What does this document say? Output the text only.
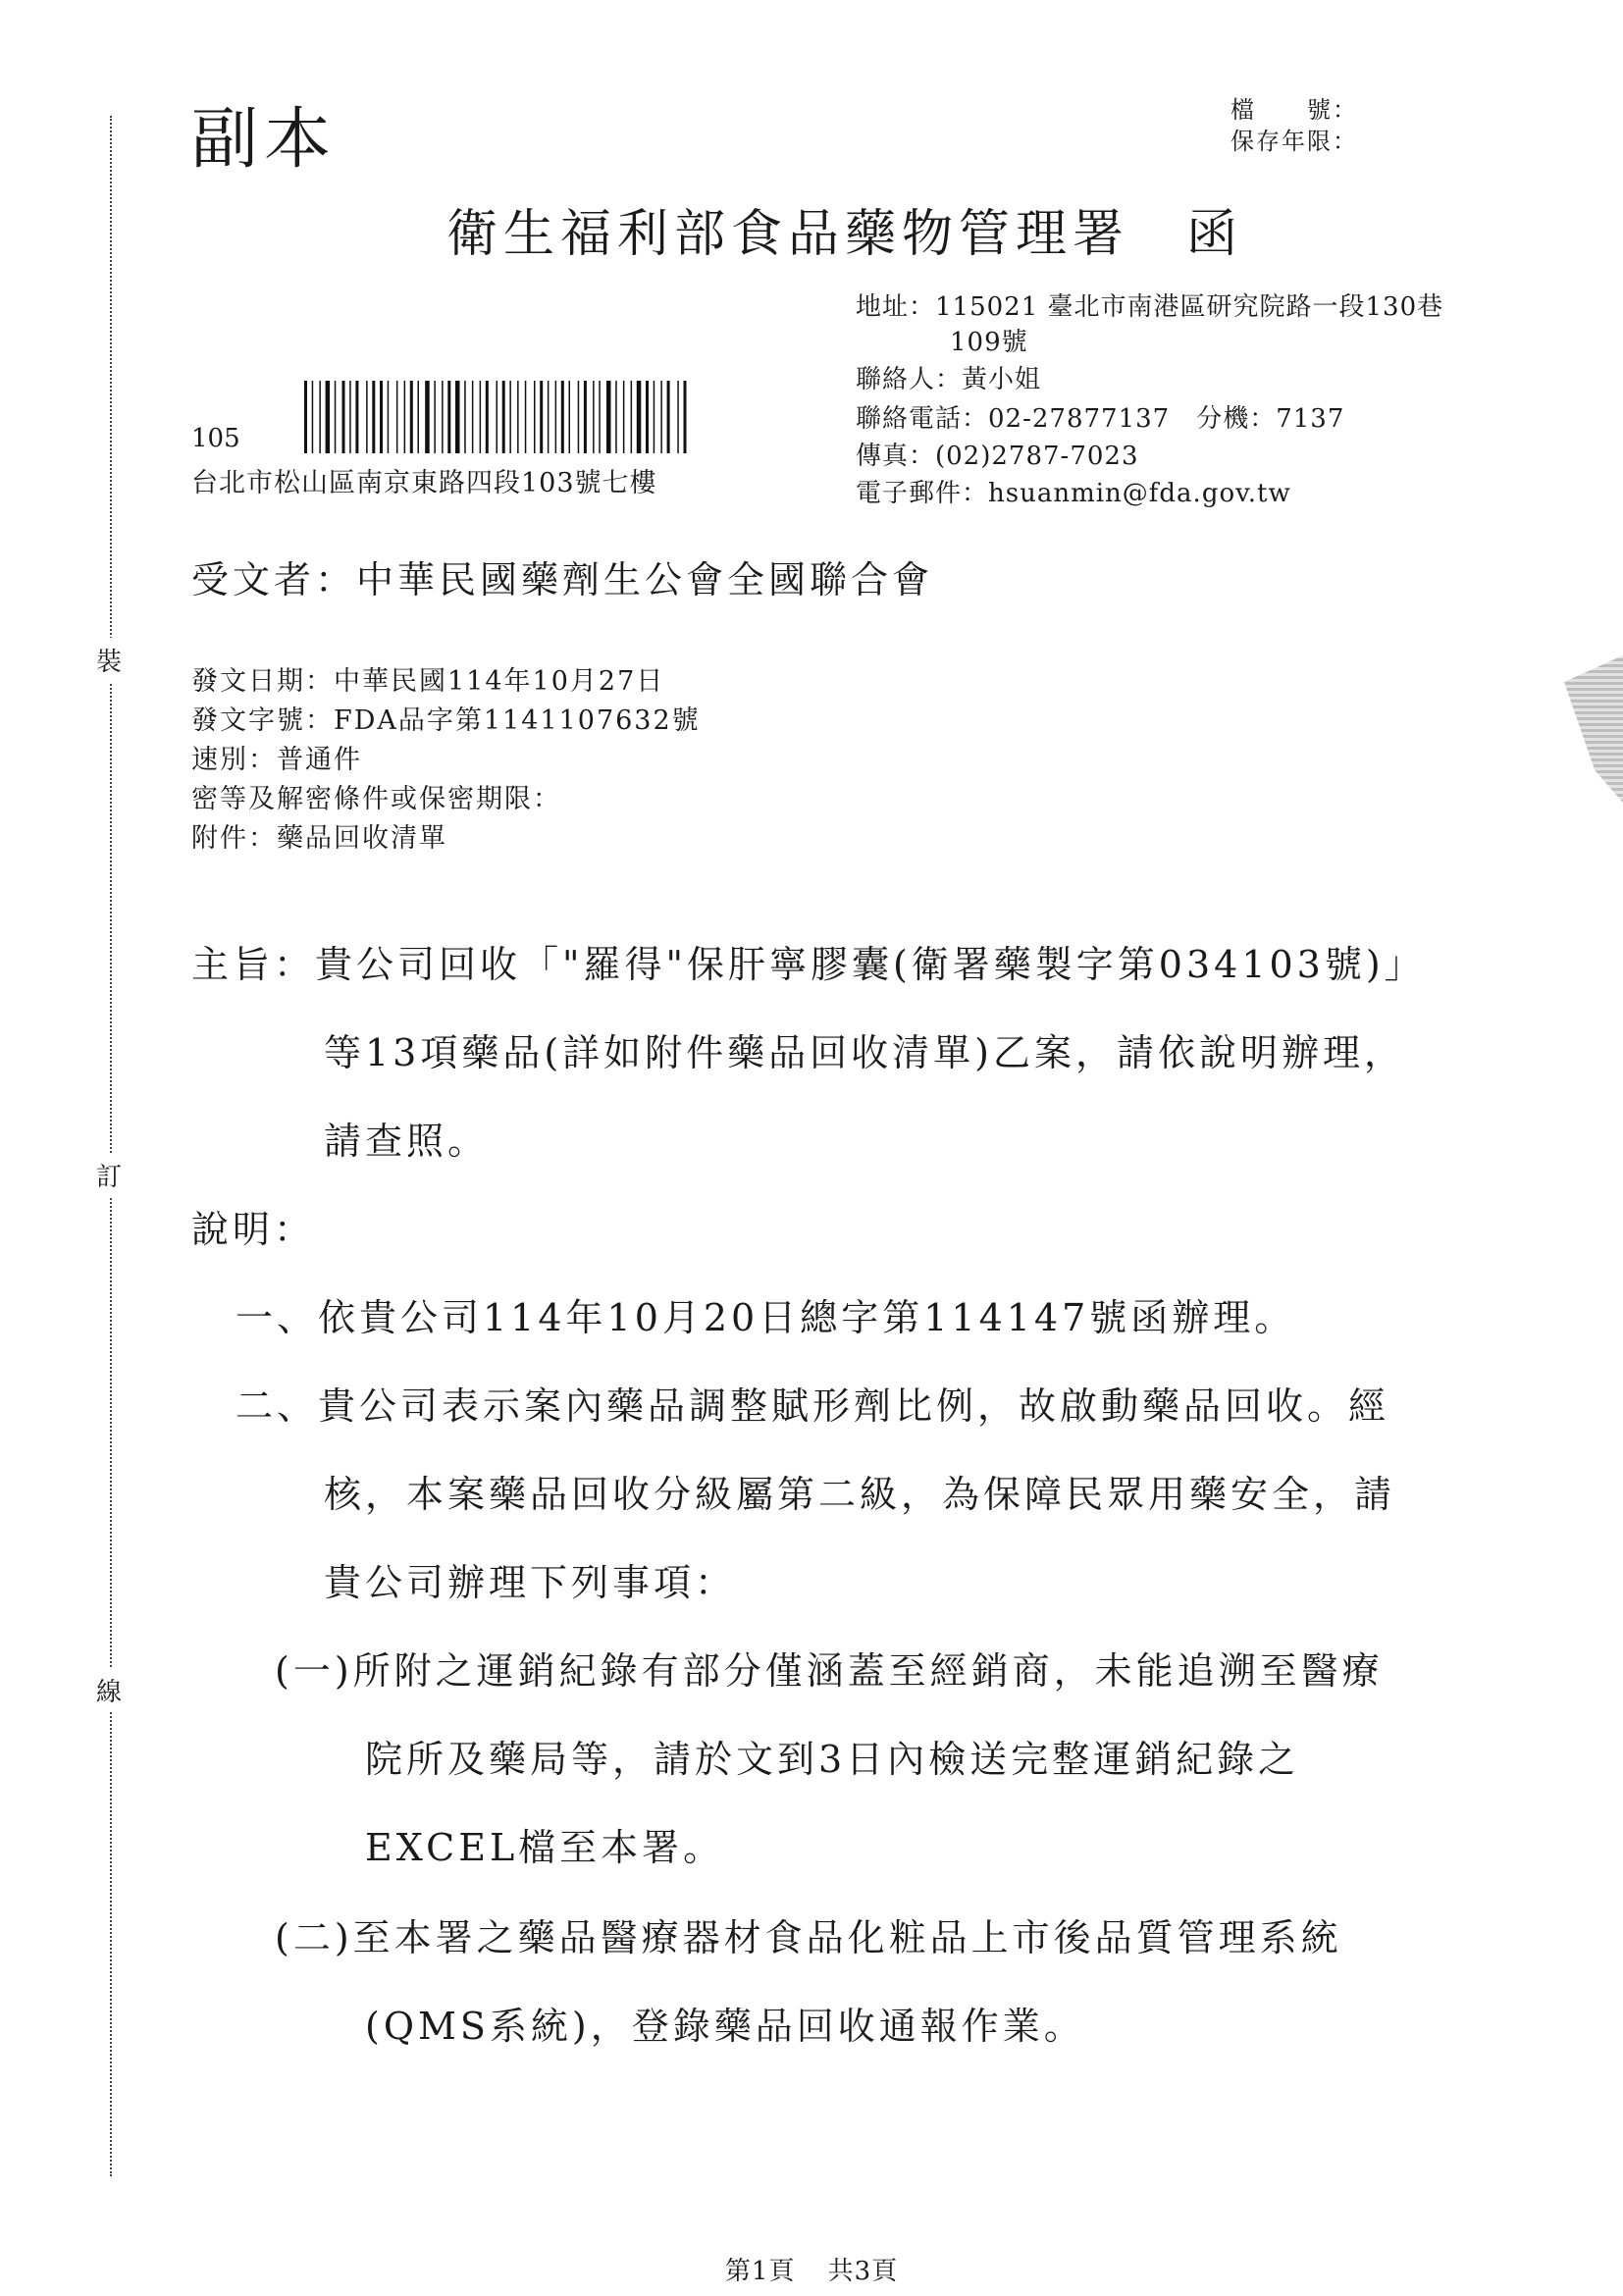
裝
訂
線
副本	檔　　號：
保存年限：
衛生福利部食品藥物管理署　函
地址：115021 臺北市南港區研究院路一段130巷
109號
聯絡人：黃小姐
聯絡電話：02-27877137　分機：7137
傳真：(02)2787-7023
電子郵件：hsuanmin@fda.gov.tw
105
台北市松山區南京東路四段103號七樓
受文者：中華民國藥劑生公會全國聯合會
發文日期：中華民國114年10月27日
發文字號：FDA品字第1141107632號
速別：普通件
密等及解密條件或保密期限：
附件：藥品回收清單
主旨：貴公司回收「"羅得"保肝寧膠囊(衛署藥製字第034103號)」
等13項藥品(詳如附件藥品回收清單)乙案，請依說明辦理，
請查照。
說明：
一、依貴公司114年10月20日總字第114147號函辦理。
二、貴公司表示案內藥品調整賦形劑比例，故啟動藥品回收。經
核，本案藥品回收分級屬第二級，為保障民眾用藥安全，請
貴公司辦理下列事項：
(一)所附之運銷紀錄有部分僅涵蓋至經銷商，未能追溯至醫療
院所及藥局等，請於文到3日內檢送完整運銷紀錄之
EXCEL檔至本署。
(二)至本署之藥品醫療器材食品化粧品上市後品質管理系統
(QMS系統)，登錄藥品回收通報作業。
第1頁 共3頁
